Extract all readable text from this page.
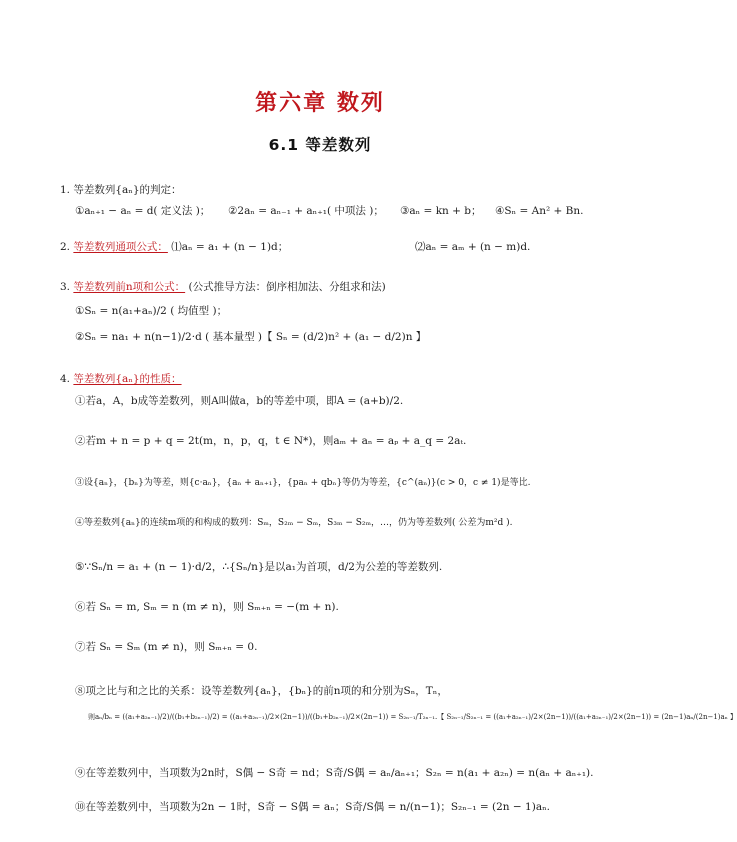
第六章 数列
6.1 等差数列
1. 等差数列{aₙ}的判定：
①aₙ₊₁ − aₙ = d( 定义法 )； ②2aₙ = aₙ₋₁ + aₙ₊₁( 中项法 )； ③aₙ = kn + b； ④Sₙ = An² + Bn.
2. 等差数列通项公式： ⑴aₙ = a₁ + (n − 1)d；	⑵aₙ = aₘ + (n − m)d.
3. 等差数列前n项和公式： (公式推导方法：倒序相加法、分组求和法)
①Sₙ = n(a₁+aₙ)/2 ( 均值型 )；
②Sₙ = na₁ + n(n−1)/2·d ( 基本量型 )【 Sₙ = (d/2)n² + (a₁ − d/2)n 】
4. 等差数列{aₙ}的性质：
①若a，A，b成等差数列，则A叫做a，b的等差中项，即A = (a+b)/2.
②若m + n = p + q = 2t(m，n，p，q，t ∈ N*)，则aₘ + aₙ = aₚ + a_q = 2aₜ.
③设{aₙ}，{bₙ}为等差，则{c·aₙ}，{aₙ + aₙ₊₁}，{paₙ + qbₙ}等仍为等差，{c^(aₙ)}(c > 0，c ≠ 1)是等比.
④等差数列{aₙ}的连续m项的和构成的数列：Sₘ，S₂ₘ − Sₘ，S₃ₘ − S₂ₘ，…，仍为等差数列( 公差为m²d ).
⑤∵Sₙ/n = a₁ + (n − 1)·d/2，∴{Sₙ/n}是以a₁为首项，d/2为公差的等差数列.
⑥若 Sₙ = m, Sₘ = n (m ≠ n)，则 Sₘ₊ₙ = −(m + n).
⑦若 Sₙ = Sₘ (m ≠ n)，则 Sₘ₊ₙ = 0.
⑧项之比与和之比的关系：设等差数列{aₙ}，{bₙ}的前n项的和分别为Sₙ，Tₙ，
则aₙ/bₙ = ((a₁+a₂ₙ₋₁)/2)/((b₁+b₂ₙ₋₁)/2) = ((a₁+a₂ₙ₋₁)/2×(2n−1))/((b₁+b₂ₙ₋₁)/2×(2n−1)) = S₂ₙ₋₁/T₂ₙ₋₁.【 S₂ₙ₋₁/S₂ₙ₋₁ = ((a₁+a₂ₙ₋₁)/2×(2n−1))/((a₁+a₂ₙ₋₁)/2×(2n−1)) = (2n−1)aₙ/(2n−1)aₙ 】
⑨在等差数列中，当项数为2n时，S偶 − S奇 = nd；S奇/S偶 = aₙ/aₙ₊₁；S₂ₙ = n(a₁ + a₂ₙ) = n(aₙ + aₙ₊₁).
⑩在等差数列中，当项数为2n − 1时，S奇 − S偶 = aₙ；S奇/S偶 = n/(n−1)；S₂ₙ₋₁ = (2n − 1)aₙ.
